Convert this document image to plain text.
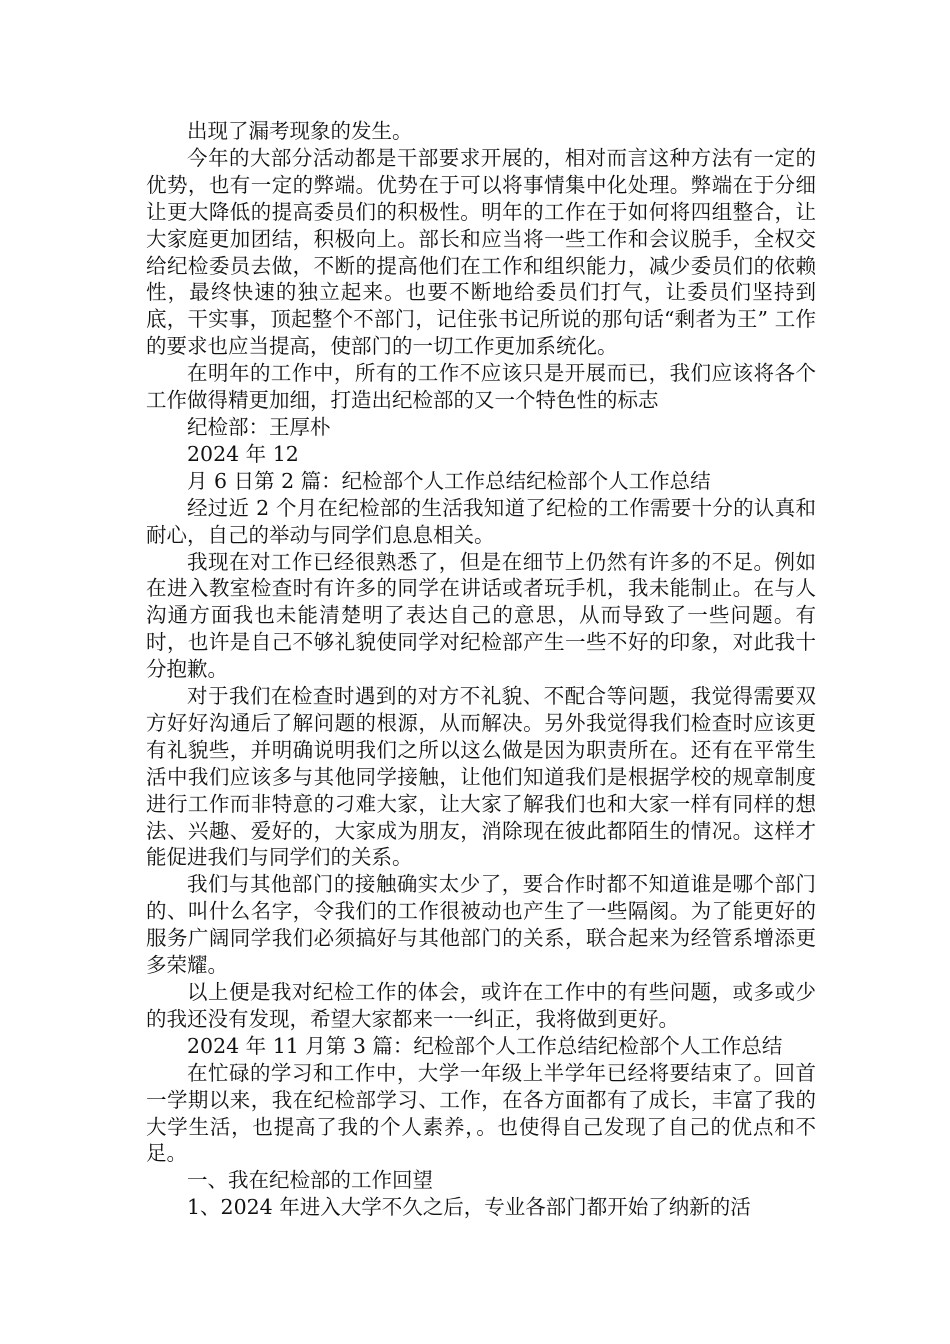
出现了漏考现象的发生。

今年的大部分活动都是干部要求开展的，相对而言这种方法有一定的优势，也有一定的弊端。优势在于可以将事情集中化处理。弊端在于分细让更大降低的提高委员们的积极性。明年的工作在于如何将四组整合，让大家庭更加团结，积极向上。部长和应当将一些工作和会议脱手，全权交给纪检委员去做，不断的提高他们在工作和组织能力，减少委员们的依赖性，最终快速的独立起来。也要不断地给委员们打气，让委员们坚持到底，干实事，顶起整个不部门，记住张书记所说的那句话“剩者为王” 工作的要求也应当提高，使部门的一切工作更加系统化。

在明年的工作中，所有的工作不应该只是开展而已，我们应该将各个工作做得精更加细，打造出纪检部的又一个特色性的标志

纪检部：王厚朴

2024 年 12

月 6 日第 2 篇：纪检部个人工作总结纪检部个人工作总结

经过近 2 个月在纪检部的生活我知道了纪检的工作需要十分的认真和耐心，自己的举动与同学们息息相关。

我现在对工作已经很熟悉了，但是在细节上仍然有许多的不足。例如在进入教室检查时有许多的同学在讲话或者玩手机，我未能制止。在与人沟通方面我也未能清楚明了表达自己的意思，从而导致了一些问题。有时，也许是自己不够礼貌使同学对纪检部产生一些不好的印象，对此我十分抱歉。

对于我们在检查时遇到的对方不礼貌、不配合等问题，我觉得需要双方好好沟通后了解问题的根源，从而解决。另外我觉得我们检查时应该更有礼貌些，并明确说明我们之所以这么做是因为职责所在。还有在平常生活中我们应该多与其他同学接触，让他们知道我们是根据学校的规章制度进行工作而非特意的刁难大家，让大家了解我们也和大家一样有同样的想法、兴趣、爱好的，大家成为朋友，消除现在彼此都陌生的情况。这样才能促进我们与同学们的关系。

我们与其他部门的接触确实太少了，要合作时都不知道谁是哪个部门的、叫什么名字，令我们的工作很被动也产生了一些隔阂。为了能更好的服务广阔同学我们必须搞好与其他部门的关系，联合起来为经管系增添更多荣耀。

以上便是我对纪检工作的体会，或许在工作中的有些问题，或多或少的我还没有发现，希望大家都来一一纠正，我将做到更好。

2024 年 11 月第 3 篇：纪检部个人工作总结纪检部个人工作总结

在忙碌的学习和工作中，大学一年级上半学年已经将要结束了。回首一学期以来，我在纪检部学习、工作，在各方面都有了成长，丰富了我的大学生活，也提高了我的个人素养，。也使得自己发现了自己的优点和不足。

一、我在纪检部的工作回望

1、2024 年进入大学不久之后，专业各部门都开始了纳新的活
